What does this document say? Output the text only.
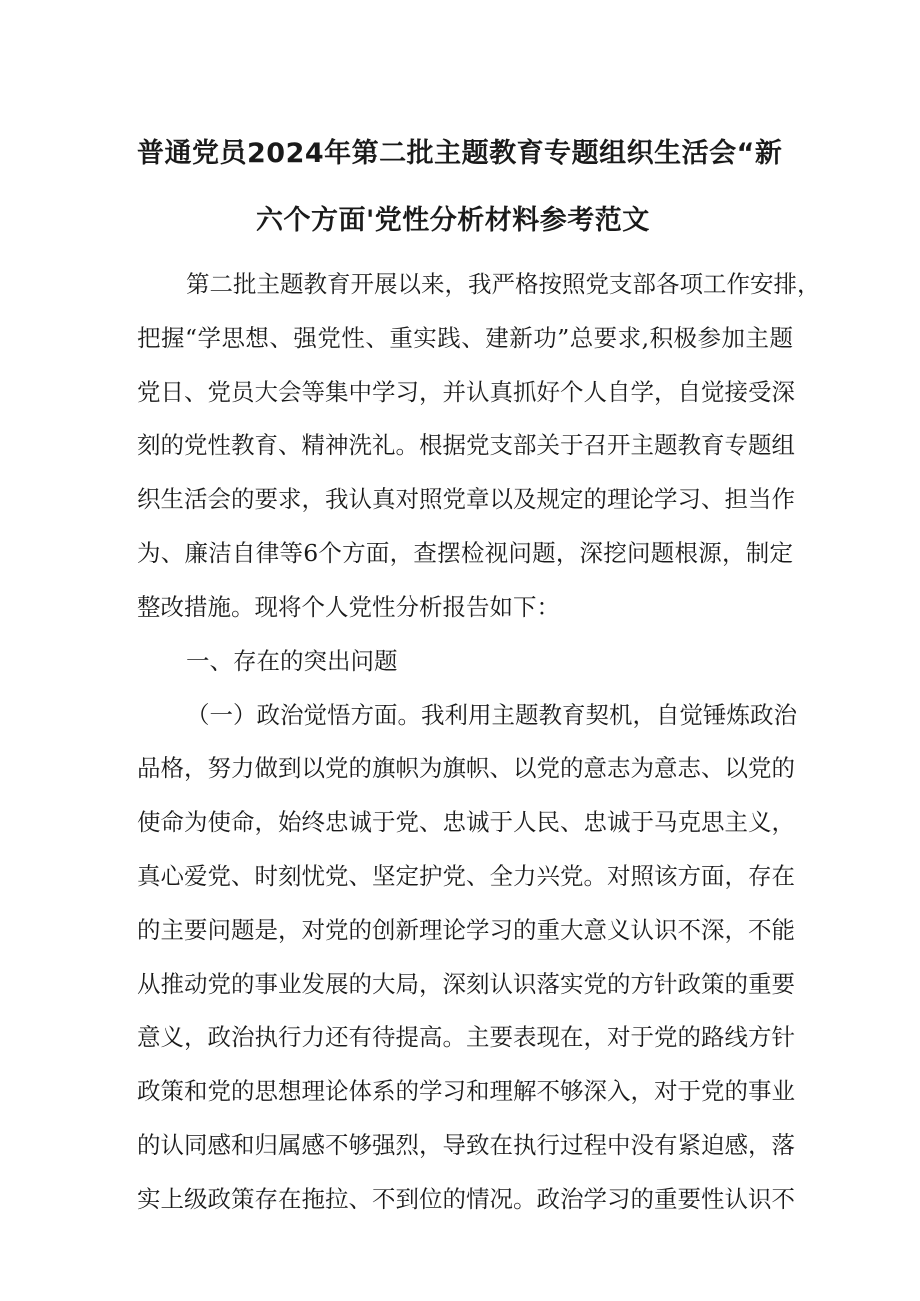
普通党员2024年第二批主题教育专题组织生活会“新
六个方面'党性分析材料参考范文
第二批主题教育开展以来，我严格按照党支部各项工作安排，
把握“学思想、强党性、重实践、建新功”总要求,积极参加主题
党日、党员大会等集中学习，并认真抓好个人自学，自觉接受深
刻的党性教育、精神洗礼。根据党支部关于召开主题教育专题组
织生活会的要求，我认真对照党章以及规定的理论学习、担当作
为、廉洁自律等6个方面，查摆检视问题，深挖问题根源，制定
整改措施。现将个人党性分析报告如下：
一、存在的突出问题
（一）政治觉悟方面。我利用主题教育契机，自觉锤炼政治
品格，努力做到以党的旗帜为旗帜、以党的意志为意志、以党的
使命为使命，始终忠诚于党、忠诚于人民、忠诚于马克思主义，
真心爱党、时刻忧党、坚定护党、全力兴党。对照该方面，存在
的主要问题是，对党的创新理论学习的重大意义认识不深，不能
从推动党的事业发展的大局，深刻认识落实党的方针政策的重要
意义，政治执行力还有待提高。主要表现在，对于党的路线方针
政策和党的思想理论体系的学习和理解不够深入，对于党的事业
的认同感和归属感不够强烈，导致在执行过程中没有紧迫感，落
实上级政策存在拖拉、不到位的情况。政治学习的重要性认识不
